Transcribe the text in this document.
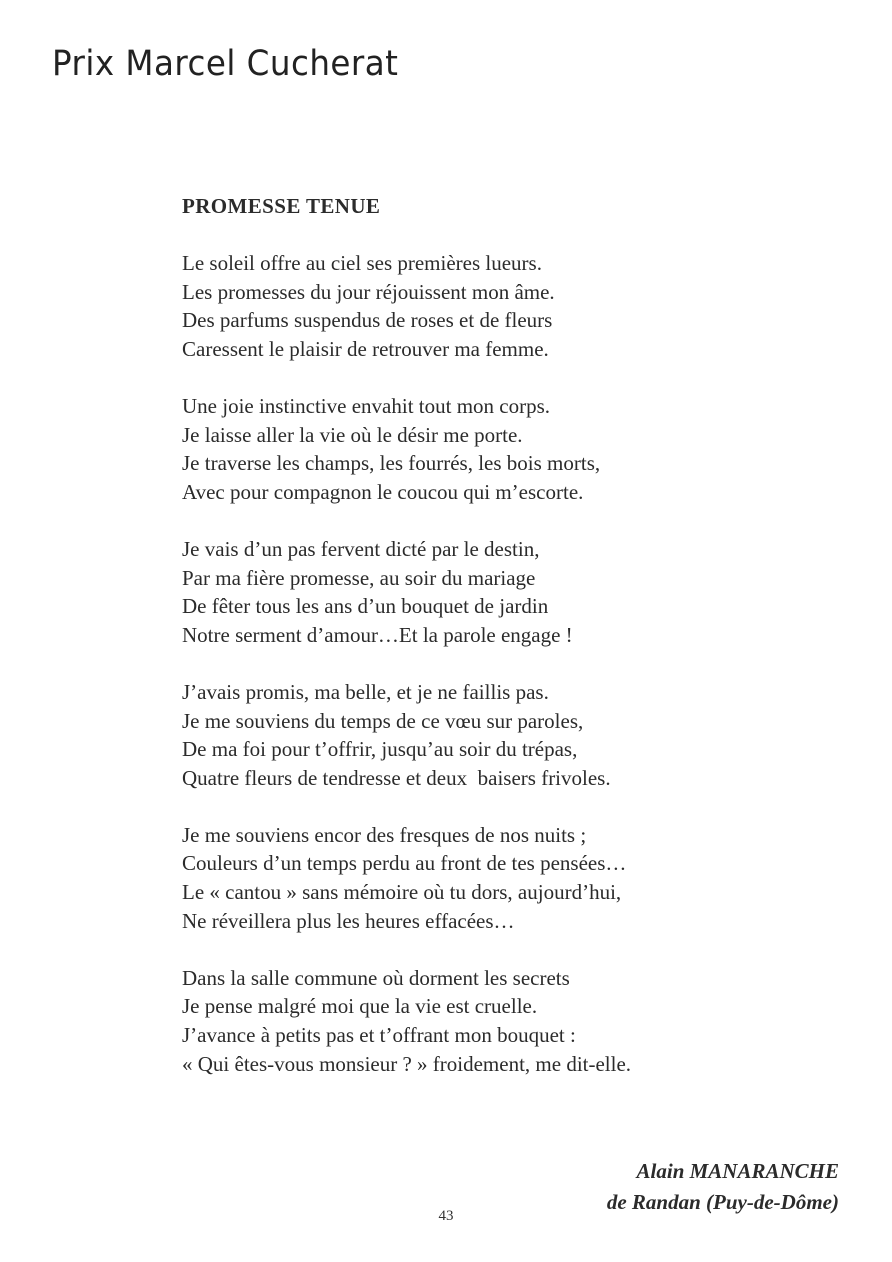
Prix Marcel Cucherat
PROMESSE TENUE
Le soleil offre au ciel ses premières lueurs.
Les promesses du jour réjouissent mon âme.
Des parfums suspendus de roses et de fleurs
Caressent le plaisir de retrouver ma femme.
Une joie instinctive envahit tout mon corps.
Je laisse aller la vie où le désir me porte.
Je traverse les champs, les fourrés, les bois morts,
Avec pour compagnon le coucou qui m’escorte.
Je vais d’un pas fervent dicté par le destin,
Par ma fière promesse, au soir du mariage
De fêter tous les ans d’un bouquet de jardin
Notre serment d’amour…Et la parole engage !
J’avais promis, ma belle, et je ne faillis pas.
Je me souviens du temps de ce vœu sur paroles,
De ma foi pour t’offrir, jusqu’au soir du trépas,
Quatre fleurs de tendresse et deux  baisers frivoles.
Je me souviens encor des fresques de nos nuits ;
Couleurs d’un temps perdu au front de tes pensées…
Le « cantou » sans mémoire où tu dors, aujourd’hui,
Ne réveillera plus les heures effacées…
Dans la salle commune où dorment les secrets
Je pense malgré moi que la vie est cruelle.
J’avance à petits pas et t’offrant mon bouquet :
« Qui êtes-vous monsieur ? » froidement, me dit-elle.
Alain MANARANCHE
de Randan (Puy-de-Dôme)
43
